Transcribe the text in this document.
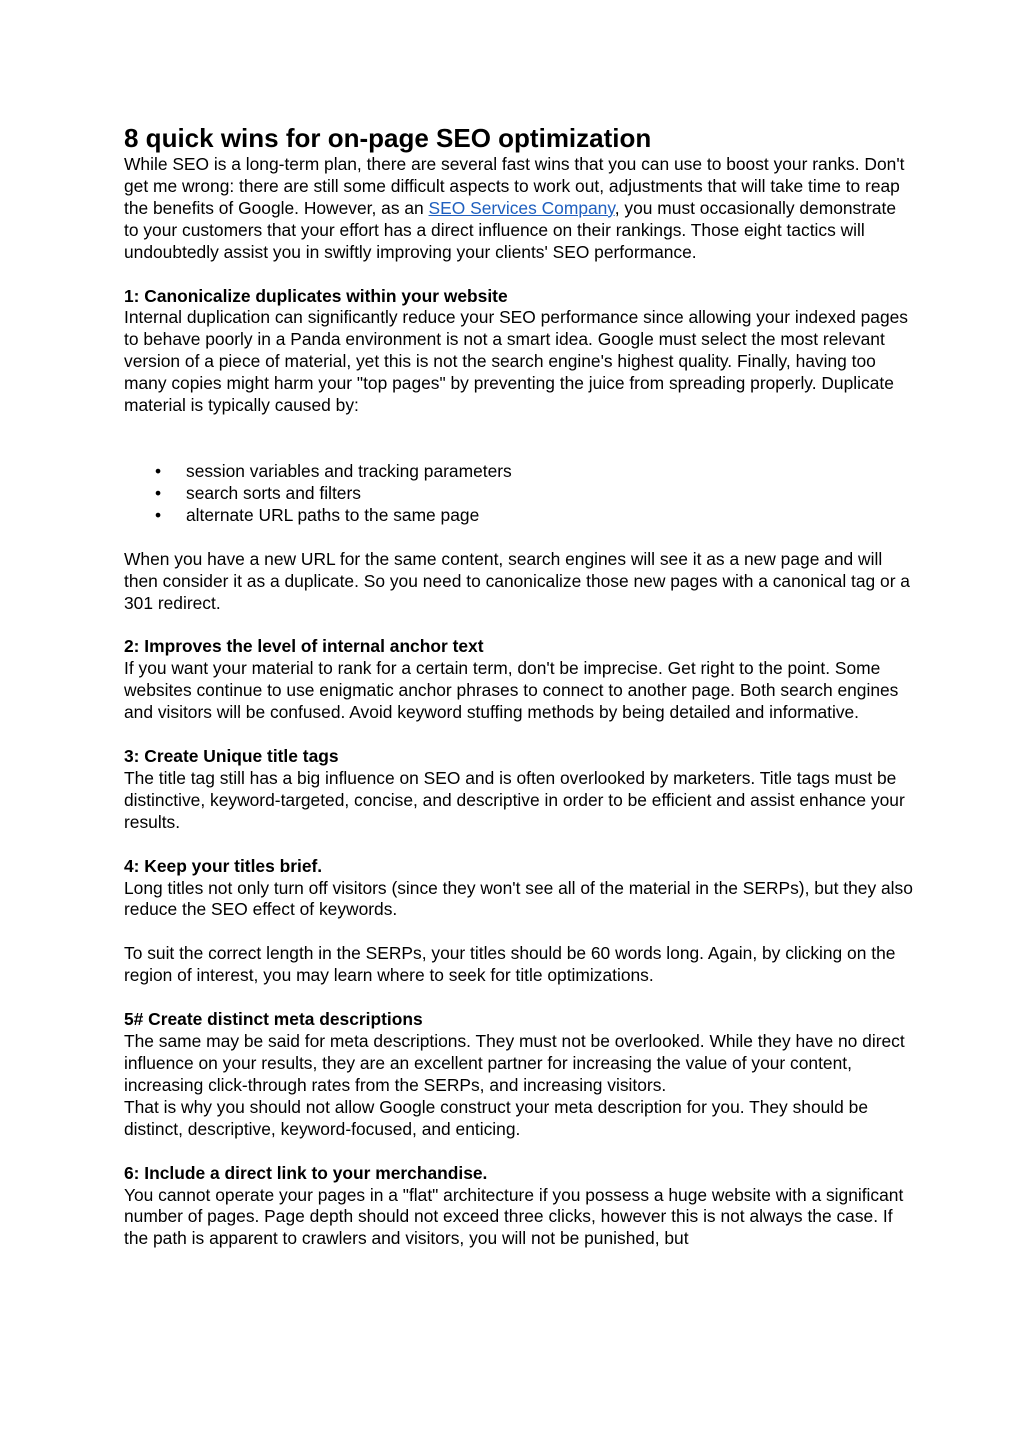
8 quick wins for on-page SEO optimization

While SEO is a long-term plan, there are several fast wins that you can use to boost your ranks. Don't get me wrong: there are still some difficult aspects to work out, adjustments that will take time to reap the benefits of Google. However, as an SEO Services Company, you must occasionally demonstrate to your customers that your effort has a direct influence on their rankings. Those eight tactics will undoubtedly assist you in swiftly improving your clients' SEO performance.

1: Canonicalize duplicates within your website

Internal duplication can significantly reduce your SEO performance since allowing your indexed pages to behave poorly in a Panda environment is not a smart idea. Google must select the most relevant version of a piece of material, yet this is not the search engine's highest quality. Finally, having too many copies might harm your "top pages" by preventing the juice from spreading properly. Duplicate material is typically caused by:

• session variables and tracking parameters
• search sorts and filters
• alternate URL paths to the same page

When you have a new URL for the same content, search engines will see it as a new page and will then consider it as a duplicate. So you need to canonicalize those new pages with a canonical tag or a 301 redirect.

2: Improves the level of internal anchor text

If you want your material to rank for a certain term, don't be imprecise. Get right to the point. Some websites continue to use enigmatic anchor phrases to connect to another page. Both search engines and visitors will be confused. Avoid keyword stuffing methods by being detailed and informative.

3: Create Unique title tags

The title tag still has a big influence on SEO and is often overlooked by marketers. Title tags must be distinctive, keyword-targeted, concise, and descriptive in order to be efficient and assist enhance your results.

4: Keep your titles brief.

Long titles not only turn off visitors (since they won't see all of the material in the SERPs), but they also reduce the SEO effect of keywords.

To suit the correct length in the SERPs, your titles should be 60 words long. Again, by clicking on the region of interest, you may learn where to seek for title optimizations.

5# Create distinct meta descriptions

The same may be said for meta descriptions. They must not be overlooked. While they have no direct influence on your results, they are an excellent partner for increasing the value of your content, increasing click-through rates from the SERPs, and increasing visitors.

That is why you should not allow Google construct your meta description for you. They should be distinct, descriptive, keyword-focused, and enticing.

6: Include a direct link to your merchandise.

You cannot operate your pages in a "flat" architecture if you possess a huge website with a significant number of pages. Page depth should not exceed three clicks, however this is not always the case. If the path is apparent to crawlers and visitors, you will not be punished, but
